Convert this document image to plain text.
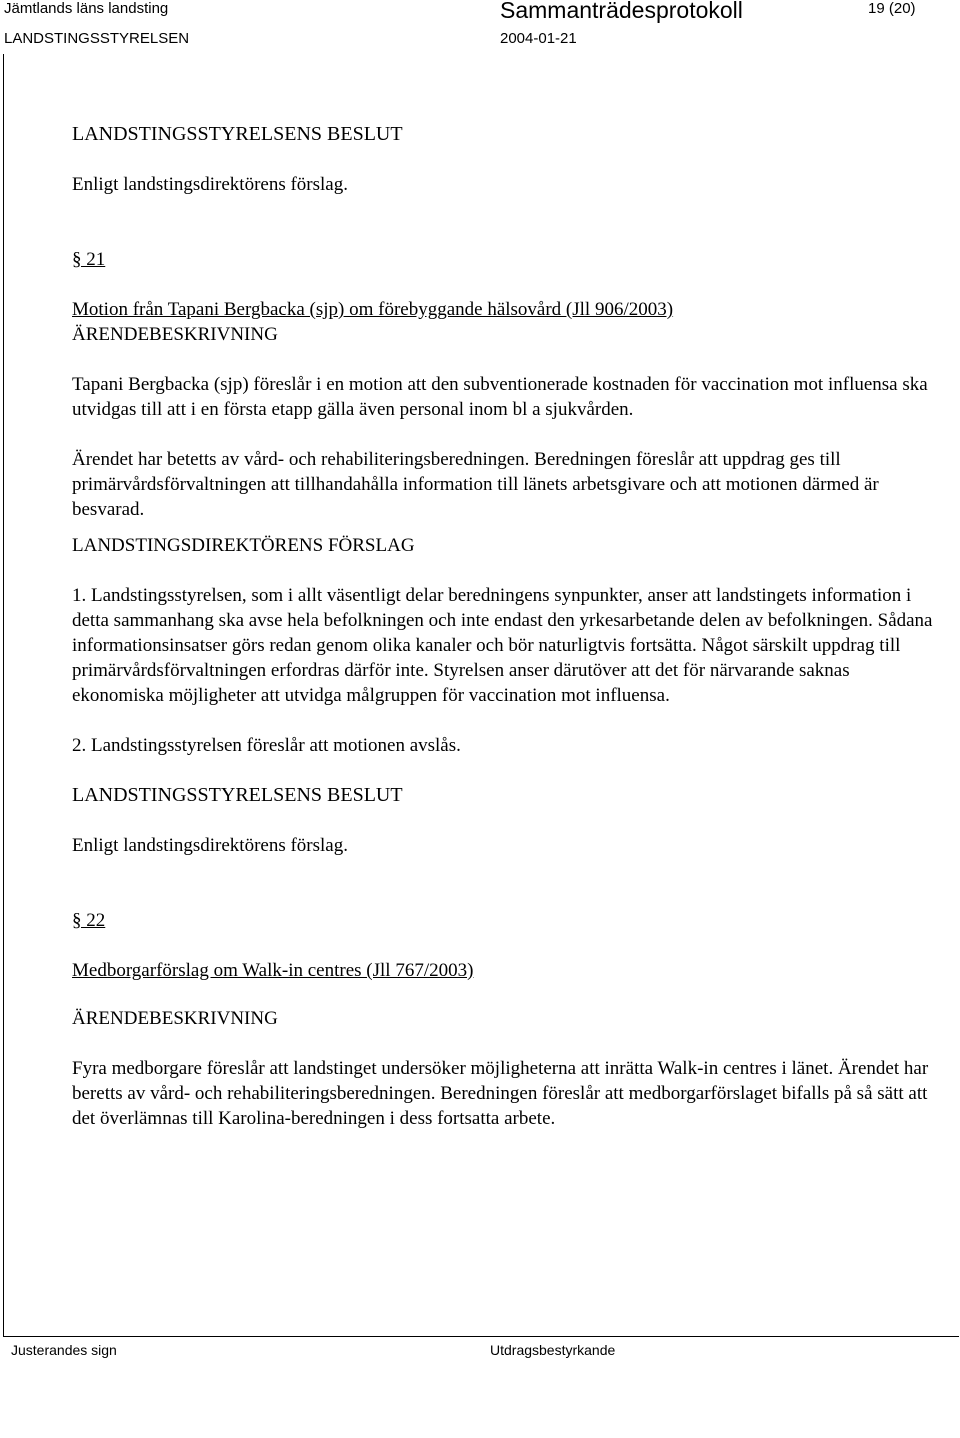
Jämtlands läns landsting	Sammanträdesprotokoll	19 (20)
LANDSTINGSSTYRELSEN	2004-01-21

LANDSTINGSSTYRELSENS BESLUT

Enligt landstingsdirektörens förslag.

§ 21

Motion från Tapani Bergbacka (sjp) om förebyggande hälsovård (Jll 906/2003)

ÄRENDEBESKRIVNING

Tapani Bergbacka (sjp) föreslår i en motion att den subventionerade kostnaden för vaccination mot influensa ska utvidgas till att i en första etapp gälla även personal inom bl a sjukvården.

Ärendet har betetts av vård- och rehabiliteringsberedningen. Beredningen föreslår att uppdrag ges till primärvårdsförvaltningen att tillhandahålla information till länets arbetsgivare och att motionen därmed är besvarad.

LANDSTINGSDIREKTÖRENS FÖRSLAG

1. Landstingsstyrelsen, som i allt väsentligt delar beredningens synpunkter, anser att landstingets information i detta sammanhang ska avse hela befolkningen och inte endast den yrkesarbetande delen av befolkningen. Sådana informationsinsatser görs redan genom olika kanaler och bör naturligtvis fortsätta. Något särskilt uppdrag till primärvårdsförvaltningen erfordras därför inte. Styrelsen anser därutöver att det för närvarande saknas ekonomiska möjligheter att utvidga målgruppen för vaccination mot influensa.

2. Landstingsstyrelsen föreslår att motionen avslås.

LANDSTINGSSTYRELSENS BESLUT

Enligt landstingsdirektörens förslag.

§ 22

Medborgarförslag om Walk-in centres (Jll 767/2003)

ÄRENDEBESKRIVNING

Fyra medborgare föreslår att landstinget undersöker möjligheterna att inrätta Walk-in centres i länet. Ärendet har beretts av vård- och rehabiliteringsberedningen. Beredningen föreslår att medborgarförslaget bifalls på så sätt att det överlämnas till Karolina-beredningen i dess fortsatta arbete.

Justerandes sign	Utdragsbestyrkande
